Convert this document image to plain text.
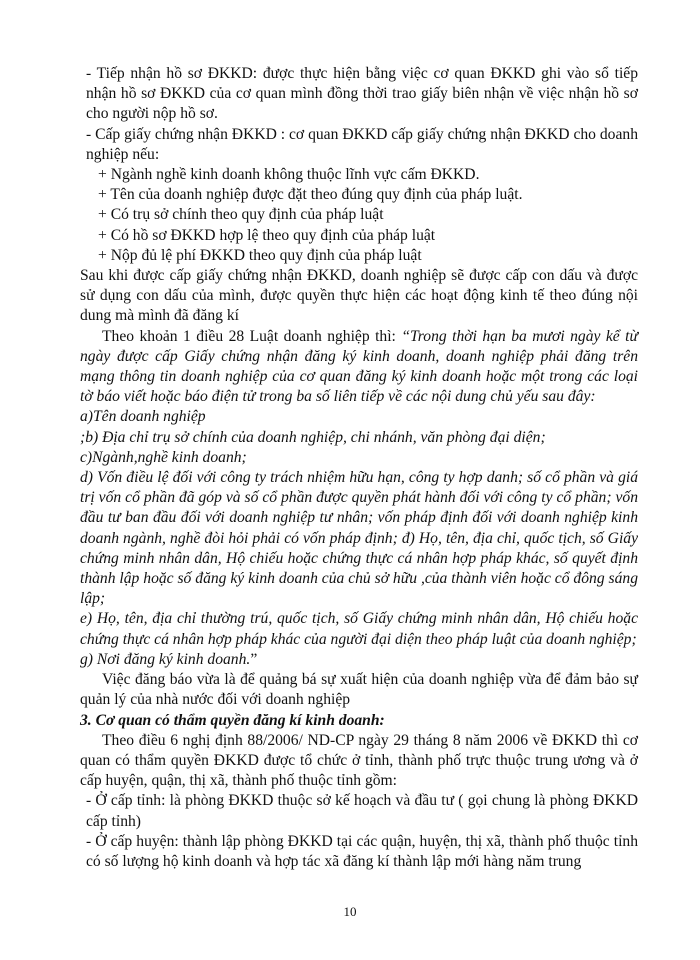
- Tiếp nhận hồ sơ ĐKKD: được thực hiện bằng việc cơ quan ĐKKD ghi vào sổ tiếp nhận hồ sơ ĐKKD của cơ quan mình đồng thời trao giấy biên nhận về việc nhận hồ sơ cho người nộp hồ sơ.

- Cấp giấy chứng nhận ĐKKD : cơ quan ĐKKD cấp giấy chứng nhận ĐKKD cho doanh nghiệp nếu:

+ Ngành nghề kinh doanh không thuộc lĩnh vực cấm ĐKKD.

+ Tên của doanh nghiệp được đặt theo đúng quy định của pháp luật.

+ Có trụ sở chính theo quy định của pháp luật

+ Có hồ sơ ĐKKD hợp lệ theo quy định của pháp luật

+ Nộp đủ lệ phí ĐKKD theo quy định của pháp luật

Sau khi được cấp giấy chứng nhận ĐKKD, doanh nghiệp sẽ được cấp con dấu và được sử dụng con dấu của mình, được quyền thực hiện các hoạt động kinh tế theo đúng nội dung mà mình đã đăng kí

Theo khoản 1 điều 28 Luật doanh nghiệp thì: “Trong thời hạn ba mươi ngày kể từ ngày được cấp Giấy chứng nhận đăng ký kinh doanh, doanh nghiệp phải đăng trên mạng thông tin doanh nghiệp của cơ quan đăng ký kinh doanh hoặc một trong các loại tờ báo viết hoặc báo điện tử trong ba số liên tiếp về các nội dung chủ yếu sau đây:

a)Tên doanh nghiệp

;b) Địa chỉ trụ sở chính của doanh nghiệp, chi nhánh, văn phòng đại diện;

c)Ngành,nghề kinh doanh;

d) Vốn điều lệ đối với công ty trách nhiệm hữu hạn, công ty hợp danh; số cổ phần và giá trị vốn cổ phần đã góp và số cổ phần được quyền phát hành đối với công ty cổ phần; vốn đầu tư ban đầu đối với doanh nghiệp tư nhân; vốn pháp định đối với doanh nghiệp kinh doanh ngành, nghề đòi hỏi phải có vốn pháp định; đ) Họ, tên, địa chỉ, quốc tịch, số Giấy chứng minh nhân dân, Hộ chiếu hoặc chứng thực cá nhân hợp pháp khác, số quyết định thành lập hoặc số đăng ký kinh doanh của chủ sở hữu ,của thành viên hoặc cổ đông sáng lập;

e) Họ, tên, địa chỉ thường trú, quốc tịch, số Giấy chứng minh nhân dân, Hộ chiếu hoặc chứng thực cá nhân hợp pháp khác của người đại diện theo pháp luật của doanh nghiệp;

g) Nơi đăng ký kinh doanh.”

Việc đăng báo vừa là để quảng bá sự xuất hiện của doanh nghiệp vừa để đảm bảo sự quản lý của nhà nước đối với doanh nghiệp

3. Cơ quan có thẩm quyền đăng kí kinh doanh:

Theo điều 6 nghị định 88/2006/ ND-CP ngày 29 tháng 8 năm 2006 về ĐKKD thì cơ quan có thẩm quyền ĐKKD được tổ chức ở tỉnh, thành phố trực thuộc trung ương và ở cấp huyện, quận, thị xã, thành phố thuộc tỉnh gồm:

- Ở cấp tỉnh: là phòng ĐKKD thuộc sở kế hoạch và đầu tư ( gọi chung là phòng ĐKKD cấp tỉnh)

- Ở cấp huyện: thành lập phòng ĐKKD tại các quận, huyện, thị xã, thành phố thuộc tỉnh có số lượng hộ kinh doanh và hợp tác xã đăng kí thành lập mới hàng năm trung

10
